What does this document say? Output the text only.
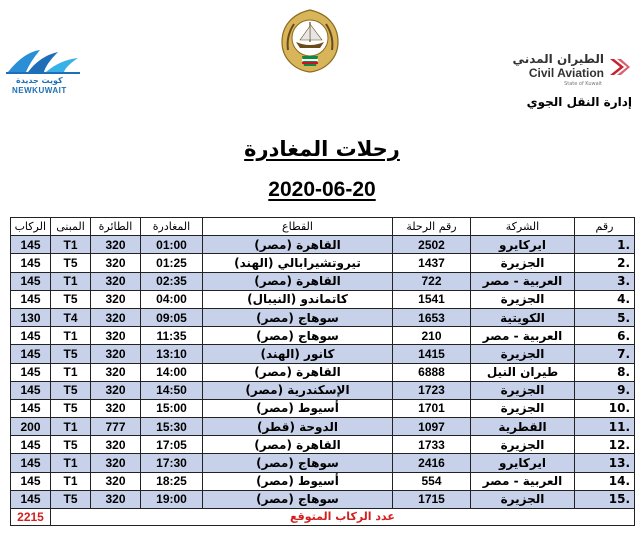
كويت جديدة
NEWKUWAIT
الطيران المدني
Civil Aviation
State of Kuwait
إدارة النقل الجوي
رحلات المغادرة
2020-06-20
رقم	الشركة	رقم الرحلة	القطاع	المغادرة	الطائرة	المبنى	الركاب
.1	ايركايرو	2502	القاهرة (مصر)	01:00	320	T1	145
.2	الجزيرة	1437	تيروتشيرابالي (الهند)	01:25	320	T5	145
.3	العربية - مصر	722	القاهرة (مصر)	02:35	320	T1	145
.4	الجزيرة	1541	كاتماندو (النيبال)	04:00	320	T5	145
.5	الكويتية	1653	سوهاج (مصر)	09:05	320	T4	130
.6	العربية - مصر	210	سوهاج (مصر)	11:35	320	T1	145
.7	الجزيرة	1415	كانور (الهند)	13:10	320	T5	145
.8	طيران النيل	6888	القاهرة (مصر)	14:00	320	T1	145
.9	الجزيرة	1723	الإسكندرية (مصر)	14:50	320	T5	145
.10	الجزيرة	1701	أسيوط (مصر)	15:00	320	T5	145
.11	القطرية	1097	الدوحة (قطر)	15:30	777	T1	200
.12	الجزيرة	1733	القاهرة (مصر)	17:05	320	T5	145
.13	ايركايرو	2416	سوهاج (مصر)	17:30	320	T1	145
.14	العربية - مصر	554	أسيوط (مصر)	18:25	320	T1	145
.15	الجزيرة	1715	سوهاج (مصر)	19:00	320	T5	145
عدد الركاب المتوقع							2215
